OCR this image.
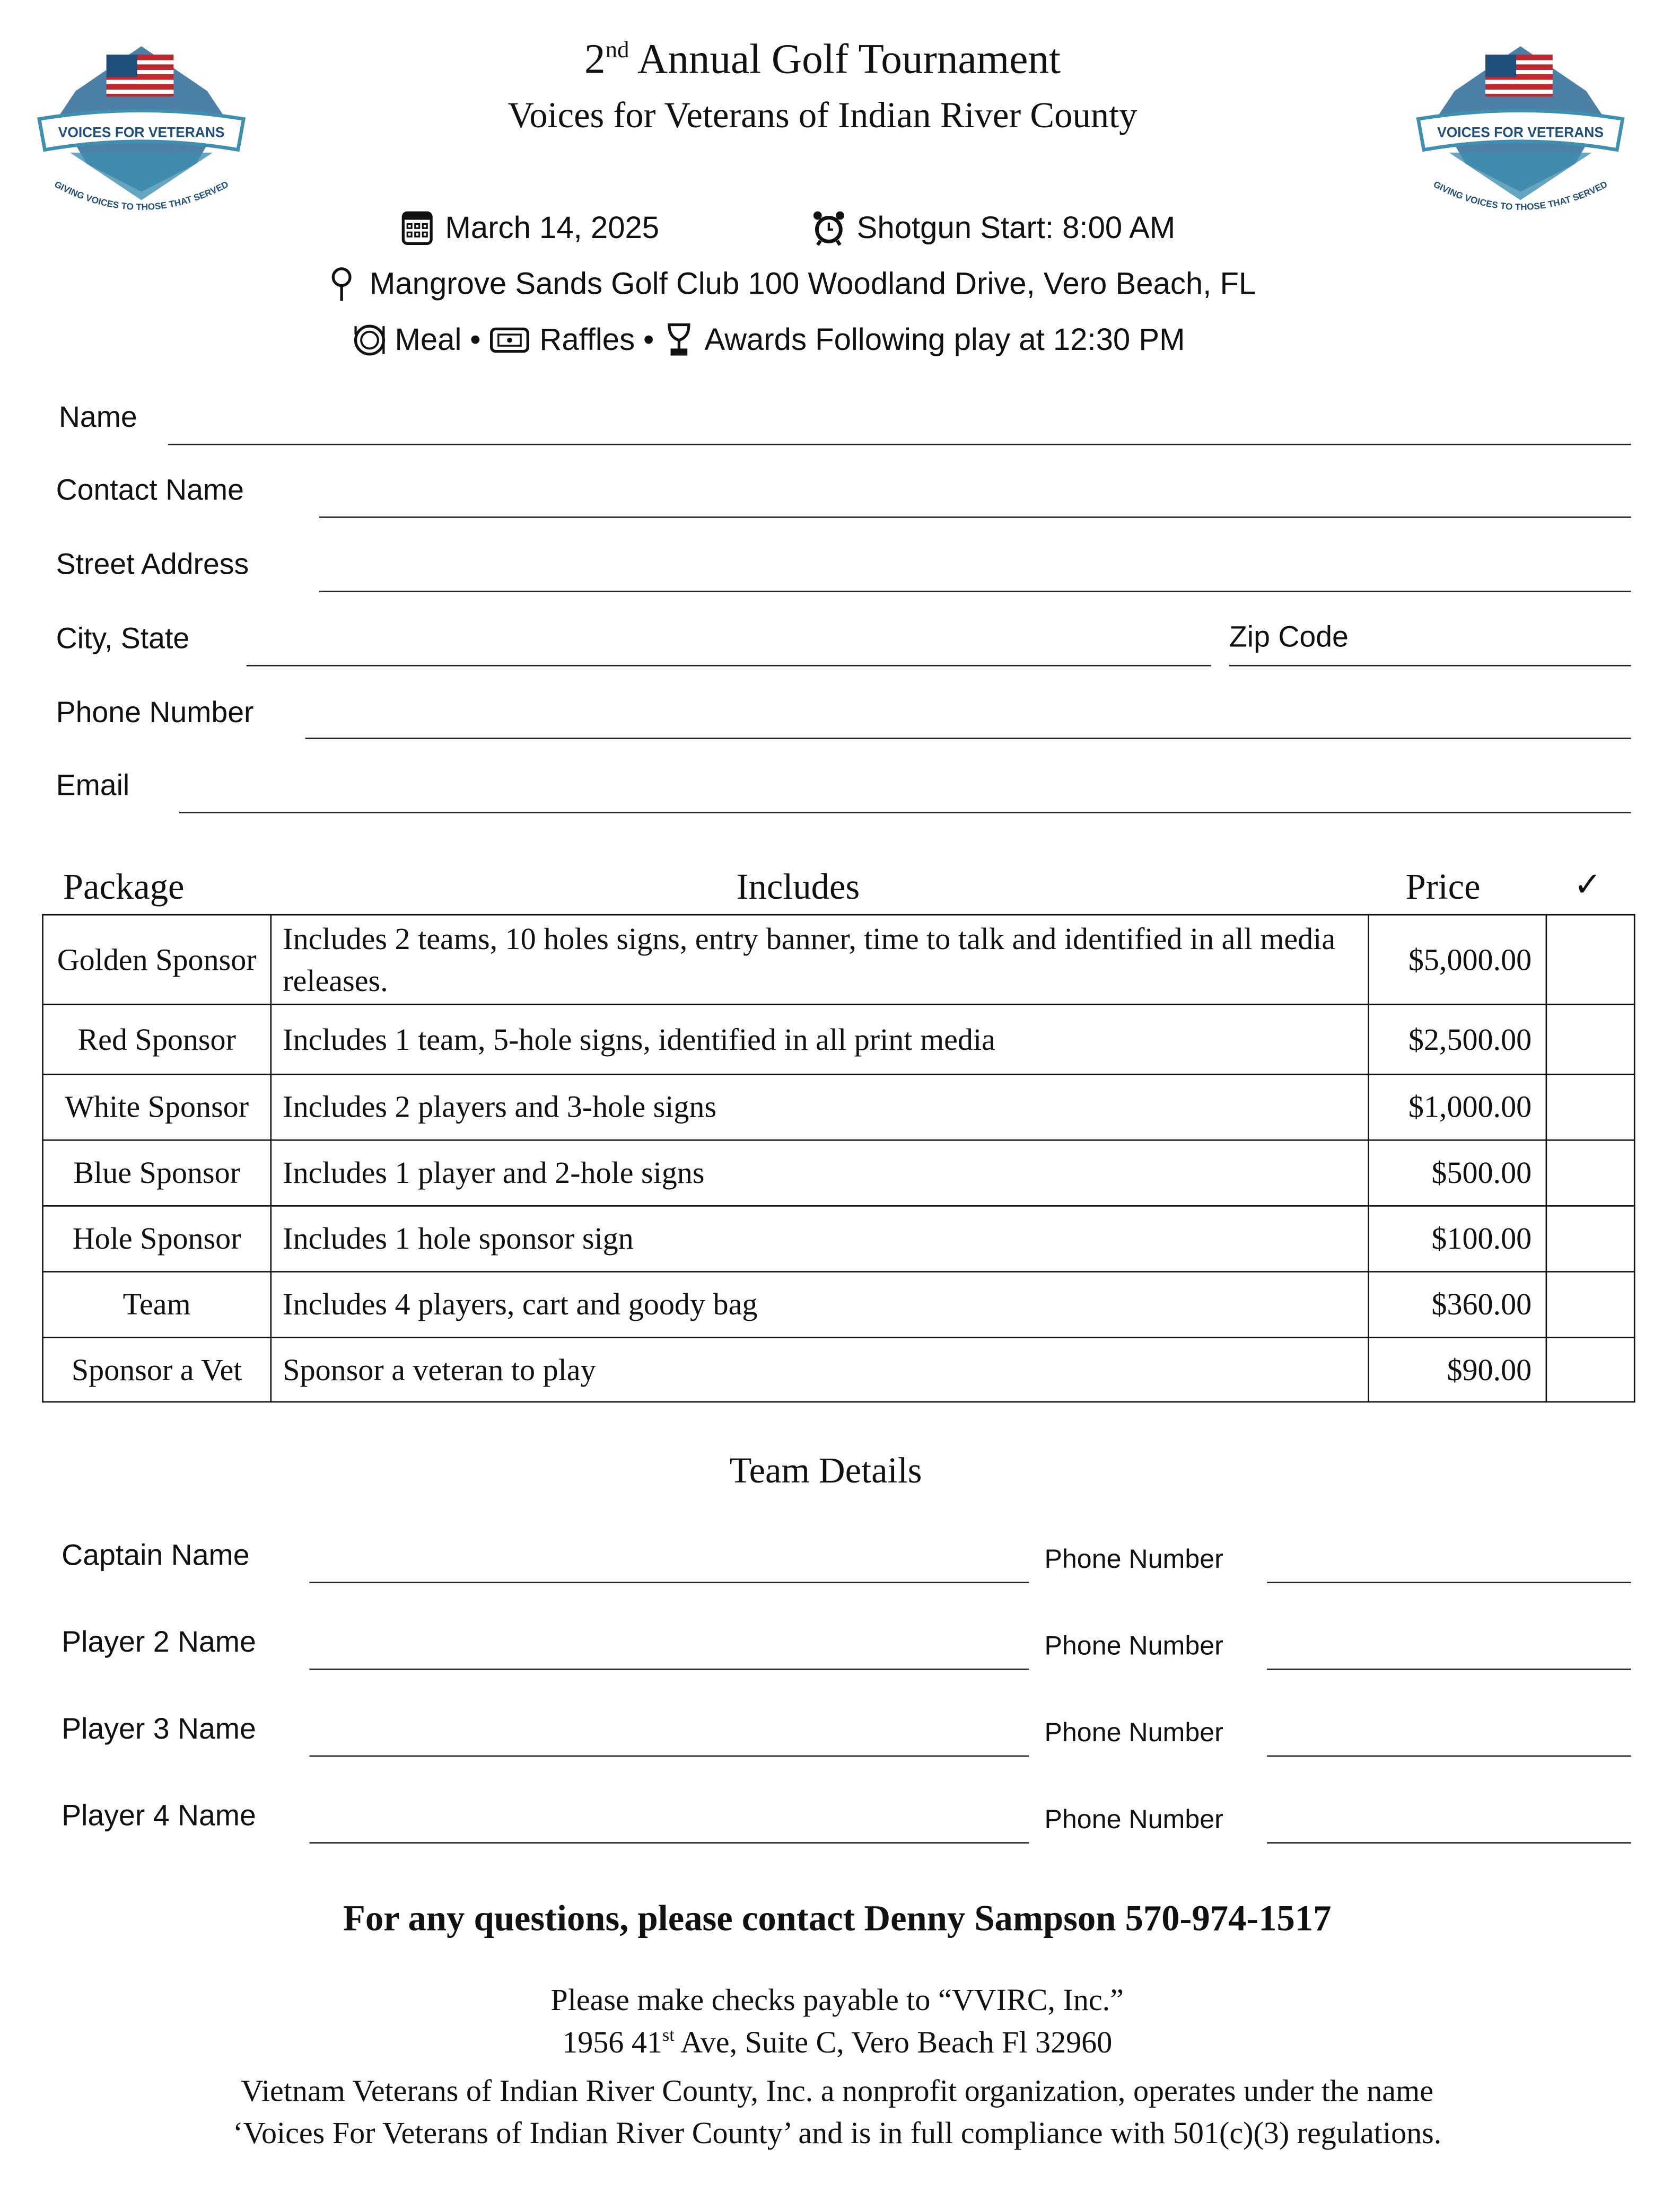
VOICES FOR VETERANS
GIVING VOICES TO THOSE THAT SERVED
VOICES FOR VETERANS
GIVING VOICES TO THOSE THAT SERVED
2nd Annual Golf Tournament
Voices for Veterans of Indian River County
March 14, 2025	Shotgun Start: 8:00 AM
Mangrove Sands Golf Club 100 Woodland Drive, Vero Beach, FL
Meal •	Raffles •	Awards Following play at 12:30 PM
Name
Contact Name
Street Address
City, State	Zip Code
Phone Number
Email
Package	Includes	Price	✓
Golden Sponsor	Includes 2 teams, 10 holes signs, entry banner, time to talk and identified in all media releases.	$5,000.00	
Red Sponsor	Includes 1 team, 5-hole signs, identified in all print media	$2,500.00	
White Sponsor	Includes 2 players and 3-hole signs	$1,000.00	
Blue Sponsor	Includes 1 player and 2-hole signs	$500.00	
Hole Sponsor	Includes 1 hole sponsor sign	$100.00	
Team	Includes 4 players, cart and goody bag	$360.00	
Sponsor a Vet	Sponsor a veteran to play	$90.00	
Team Details
Captain Name	Phone Number
Player 2 Name	Phone Number
Player 3 Name	Phone Number
Player 4 Name	Phone Number
For any questions, please contact Denny Sampson 570-974-1517
Please make checks payable to “VVIRC, Inc.”
1956 41st Ave, Suite C, Vero Beach Fl 32960
Vietnam Veterans of Indian River County, Inc. a nonprofit organization, operates under the name
‘Voices For Veterans of Indian River County’ and is in full compliance with 501(c)(3) regulations.
